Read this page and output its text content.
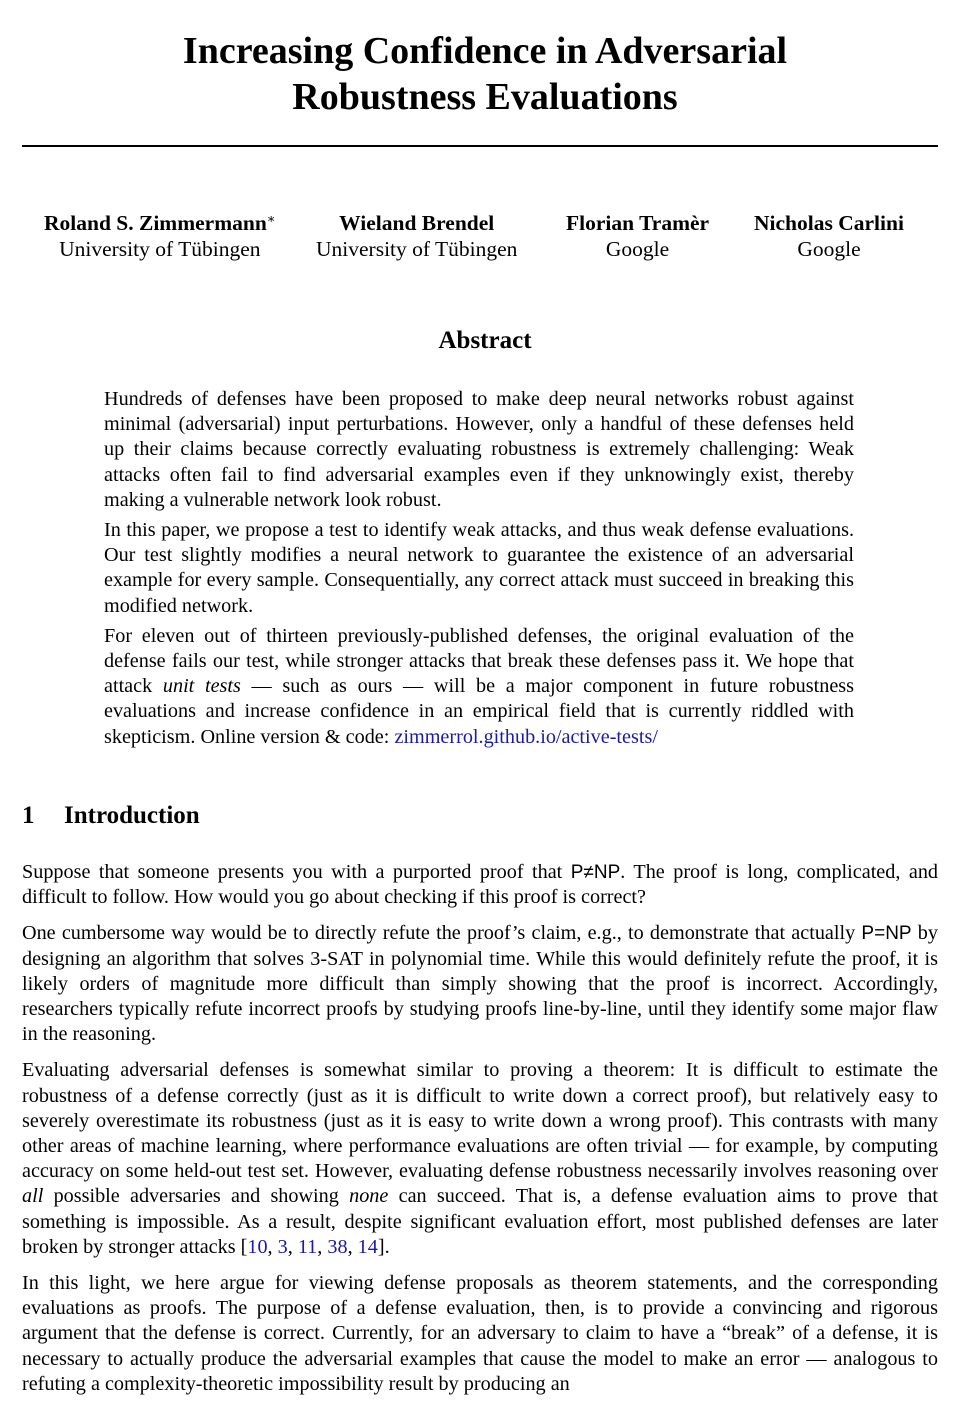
Increasing Confidence in Adversarial
Robustness Evaluations
Roland S. Zimmermann∗
University of Tübingen
Wieland Brendel
University of Tübingen
Florian Tramèr
Google
Nicholas Carlini
Google
Abstract

Hundreds of defenses have been proposed to make deep neural networks robust against minimal (adversarial) input perturbations. However, only a handful of these defenses held up their claims because correctly evaluating robustness is extremely challenging: Weak attacks often fail to find adversarial examples even if they unknowingly exist, thereby making a vulnerable network look robust.

In this paper, we propose a test to identify weak attacks, and thus weak defense evaluations. Our test slightly modifies a neural network to guarantee the existence of an adversarial example for every sample. Consequentially, any correct attack must succeed in breaking this modified network.

For eleven out of thirteen previously-published defenses, the original evaluation of the defense fails our test, while stronger attacks that break these defenses pass it. We hope that attack unit tests — such as ours — will be a major component in future robustness evaluations and increase confidence in an empirical field that is currently riddled with skepticism. Online version & code: zimmerrol.github.io/active-tests/

1 Introduction

Suppose that someone presents you with a purported proof that P≠NP. The proof is long, complicated, and difficult to follow. How would you go about checking if this proof is correct?

One cumbersome way would be to directly refute the proof’s claim, e.g., to demonstrate that actually P=NP by designing an algorithm that solves 3-SAT in polynomial time. While this would definitely refute the proof, it is likely orders of magnitude more difficult than simply showing that the proof is incorrect. Accordingly, researchers typically refute incorrect proofs by studying proofs line-by-line, until they identify some major flaw in the reasoning.

Evaluating adversarial defenses is somewhat similar to proving a theorem: It is difficult to estimate the robustness of a defense correctly (just as it is difficult to write down a correct proof), but relatively easy to severely overestimate its robustness (just as it is easy to write down a wrong proof). This contrasts with many other areas of machine learning, where performance evaluations are often trivial — for example, by computing accuracy on some held-out test set. However, evaluating defense robustness necessarily involves reasoning over all possible adversaries and showing none can succeed. That is, a defense evaluation aims to prove that something is impossible. As a result, despite significant evaluation effort, most published defenses are later broken by stronger attacks [10, 3, 11, 38, 14].

In this light, we here argue for viewing defense proposals as theorem statements, and the corresponding evaluations as proofs. The purpose of a defense evaluation, then, is to provide a convincing and rigorous argument that the defense is correct. Currently, for an adversary to claim to have a “break” of a defense, it is necessary to actually produce the adversarial examples that cause the model to make an error — analogous to refuting a complexity-theoretic impossibility result by producing an
